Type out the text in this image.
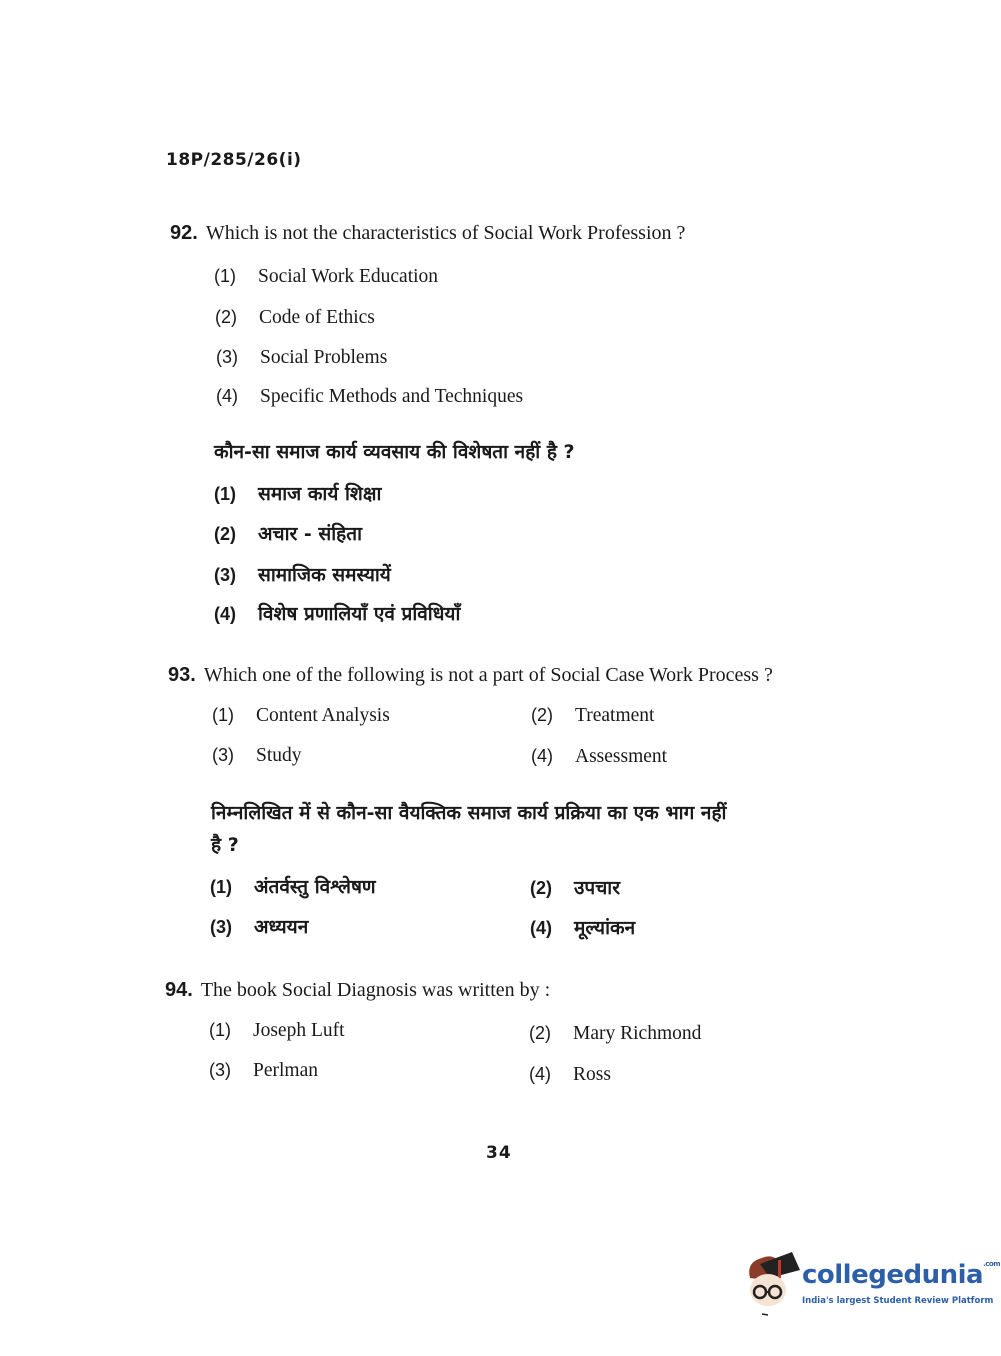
18P/285/26(i)
92. Which is not the characteristics of Social Work Profession ?
(1) Social Work Education
(2) Code of Ethics
(3) Social Problems
(4) Specific Methods and Techniques
कौन-सा समाज कार्य व्यवसाय की विशेषता नहीं है ?
(1) समाज कार्य शिक्षा
(2) अचार - संहिता
(3) सामाजिक समस्यायें
(4) विशेष प्रणालियाँ एवं प्रविधियाँ
93. Which one of the following is not a part of Social Case Work Process ?
(1) Content Analysis	(2) Treatment
(3) Study	(4) Assessment
निम्नलिखित में से कौन-सा वैयक्तिक समाज कार्य प्रक्रिया का एक भाग नहीं
है ?
(1) अंतर्वस्तु विश्लेषण	(2) उपचार
(3) अध्ययन	(4) मूल्यांकन
94. The book Social Diagnosis was written by :
(1) Joseph Luft	(2) Mary Richmond
(3) Perlman	(4) Ross
34
collegedunia$^{.com}$
India's largest Student Review Platform
